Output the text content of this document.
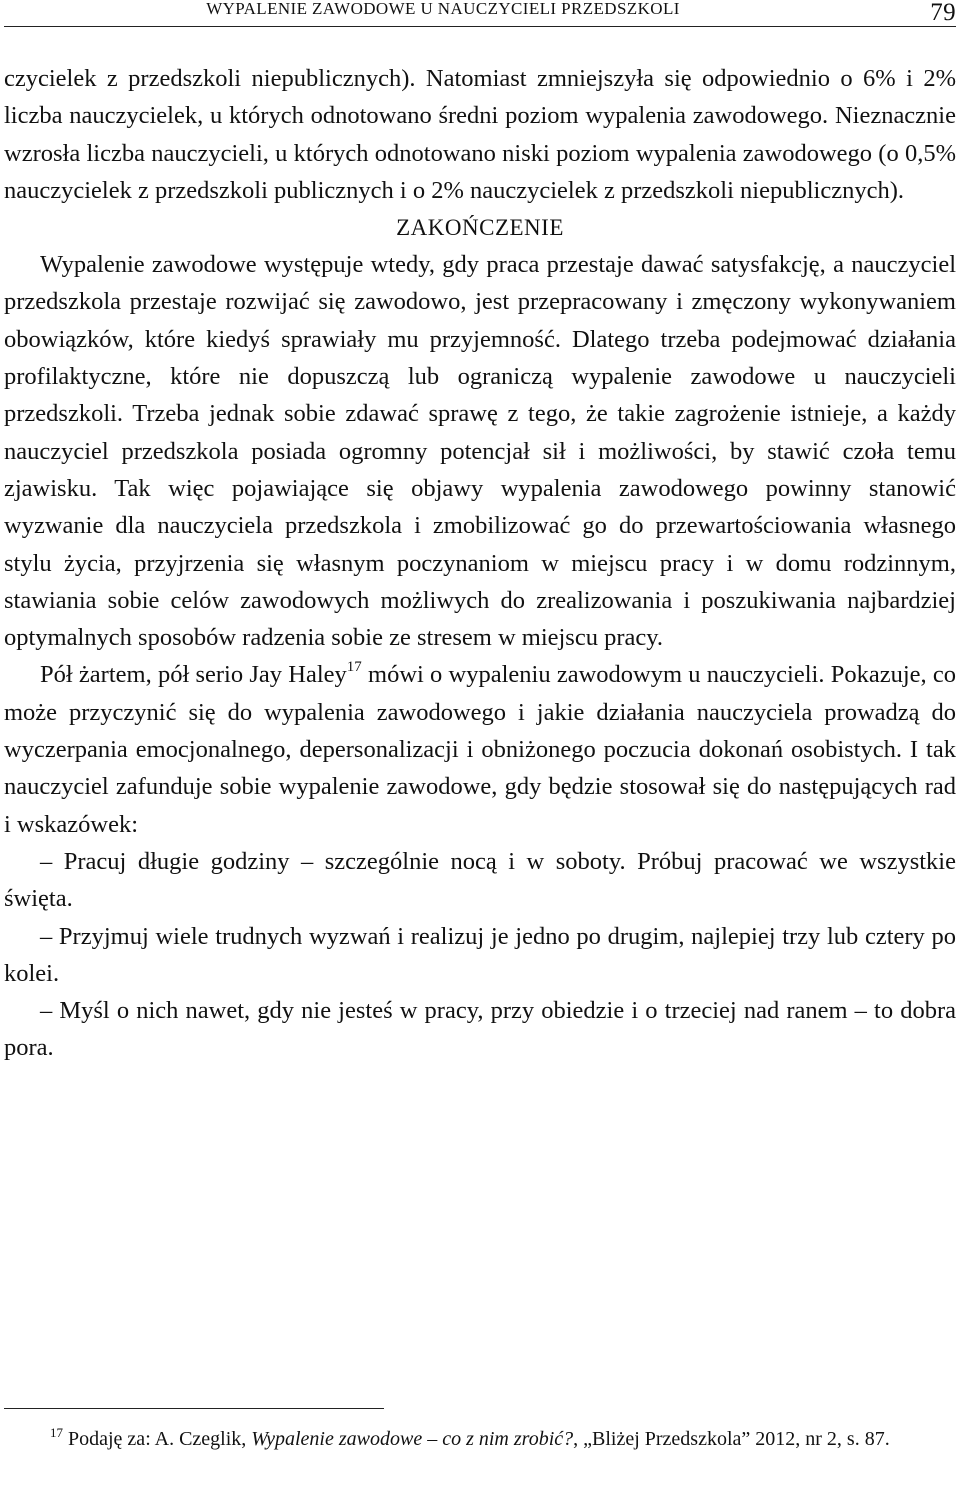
WYPALENIE ZAWODOWE U NAUCZYCIELI PRZEDSZKOLI	79

czycielek z przedszkoli niepublicznych). Natomiast zmniejszyła się odpowiednio o 6% i 2% liczba nauczycielek, u których odnotowano średni poziom wypalenia zawodowego. Nieznacznie wzrosła liczba nauczycieli, u których odnotowano niski poziom wypalenia zawodowego (o 0,5% nauczycielek z przedszkoli publicznych i o 2% nauczycielek z przedszkoli niepublicznych).

ZAKOŃCZENIE

Wypalenie zawodowe występuje wtedy, gdy praca przestaje dawać satysfakcję, a nauczyciel przedszkola przestaje rozwijać się zawodowo, jest przepracowany i zmęczony wykonywaniem obowiązków, które kiedyś sprawiały mu przyjemność. Dlatego trzeba podejmować działania profilaktyczne, które nie dopuszczą lub ograniczą wypalenie zawodowe u nauczycieli przedszkoli. Trzeba jednak sobie zdawać sprawę z tego, że takie zagrożenie istnieje, a każdy nauczyciel przedszkola posiada ogromny potencjał sił i możliwości, by stawić czoła temu zjawisku. Tak więc pojawiające się objawy wypalenia zawodowego powinny stanowić wyzwanie dla nauczyciela przedszkola i zmobilizować go do przewartościowania własnego stylu życia, przyjrzenia się własnym poczynaniom w miejscu pracy i w domu rodzinnym, stawiania sobie celów zawodowych możliwych do zrealizowania i poszukiwania najbardziej optymalnych sposobów radzenia sobie ze stresem w miejscu pracy.

Pół żartem, pół serio Jay Haley$^{17}$ mówi o wypaleniu zawodowym u nauczycieli. Pokazuje, co może przyczynić się do wypalenia zawodowego i jakie działania nauczyciela prowadzą do wyczerpania emocjonalnego, depersonalizacji i obniżonego poczucia dokonań osobistych. I tak nauczyciel zafunduje sobie wypalenie zawodowe, gdy będzie stosował się do następujących rad i wskazówek:

– Pracuj długie godziny – szczególnie nocą i w soboty. Próbuj pracować we wszystkie święta.

– Przyjmuj wiele trudnych wyzwań i realizuj je jedno po drugim, najlepiej trzy lub cztery po kolei.

– Myśl o nich nawet, gdy nie jesteś w pracy, przy obiedzie i o trzeciej nad ranem – to dobra pora.

$^{17}$ Podaję za: A. Czeglik, Wypalenie zawodowe – co z nim zrobić?, „Bliżej Przedszkola” 2012, nr 2, s. 87.
